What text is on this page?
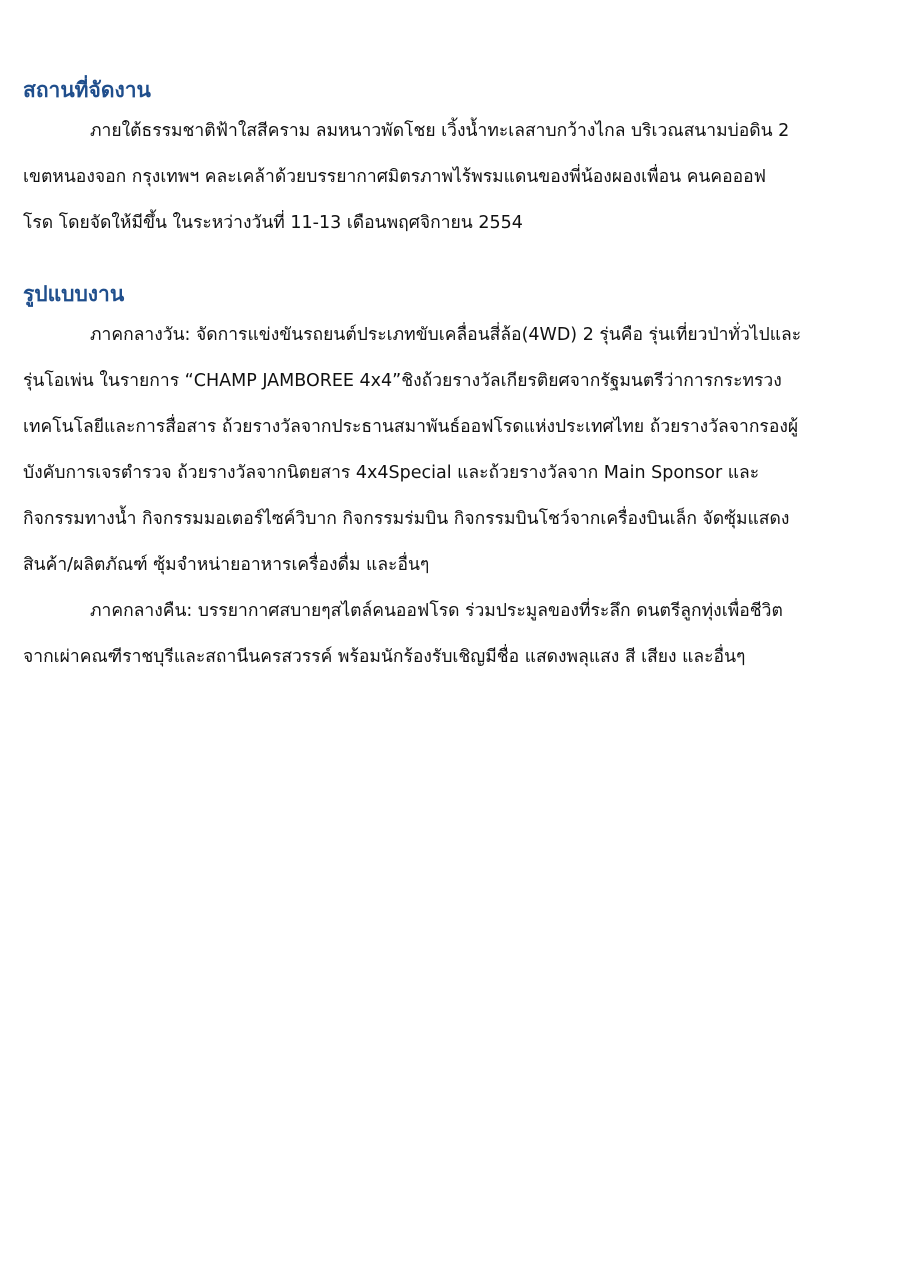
สถานที่จัดงาน

ภายใต้ธรรมชาติฟ้าใสสีคราม ลมหนาวพัดโชย เวิ้งน้ำทะเลสาบกว้างไกล บริเวณสนามบ่อดิน 2
เขตหนองจอก กรุงเทพฯ คละเคล้าด้วยบรรยากาศมิตรภาพไร้พรมแดนของพี่น้องผองเพื่อน คนคอออฟ
โรด โดยจัดให้มีขึ้น ในระหว่างวันที่ 11-13 เดือนพฤศจิกายน 2554

รูปแบบงาน

ภาคกลางวัน: จัดการแข่งขันรถยนต์ประเภทขับเคลื่อนสี่ล้อ(4WD) 2 รุ่นคือ รุ่นเที่ยวป่าทั่วไปและ
รุ่นโอเพ่น ในรายการ “CHAMP JAMBOREE 4x4”ชิงถ้วยรางวัลเกียรติยศจากรัฐมนตรีว่าการกระทรวง
เทคโนโลยีและการสื่อสาร ถ้วยรางวัลจากประธานสมาพันธ์ออฟโรดแห่งประเทศไทย ถ้วยรางวัลจากรองผู้
บังคับการเจรตำรวจ ถ้วยรางวัลจากนิตยสาร 4x4Special และถ้วยรางวัลจาก Main Sponsor และ
กิจกรรมทางน้ำ กิจกรรมมอเตอร์ไซค์วิบาก กิจกรรมร่มบิน กิจกรรมบินโชว์จากเครื่องบินเล็ก จัดซุ้มแสดง
สินค้า/ผลิตภัณฑ์ ซุ้มจำหน่ายอาหารเครื่องดื่ม และอื่นๆ

ภาคกลางคืน: บรรยากาศสบายๆสไตล์คนออฟโรด ร่วมประมูลของที่ระลึก ดนตรีลูกทุ่งเพื่อชีวิต
จากเผ่าคณฑีราชบุรีและสถานีนครสวรรค์ พร้อมนักร้องรับเชิญมีชื่อ แสดงพลุแสง สี เสียง และอื่นๆ
